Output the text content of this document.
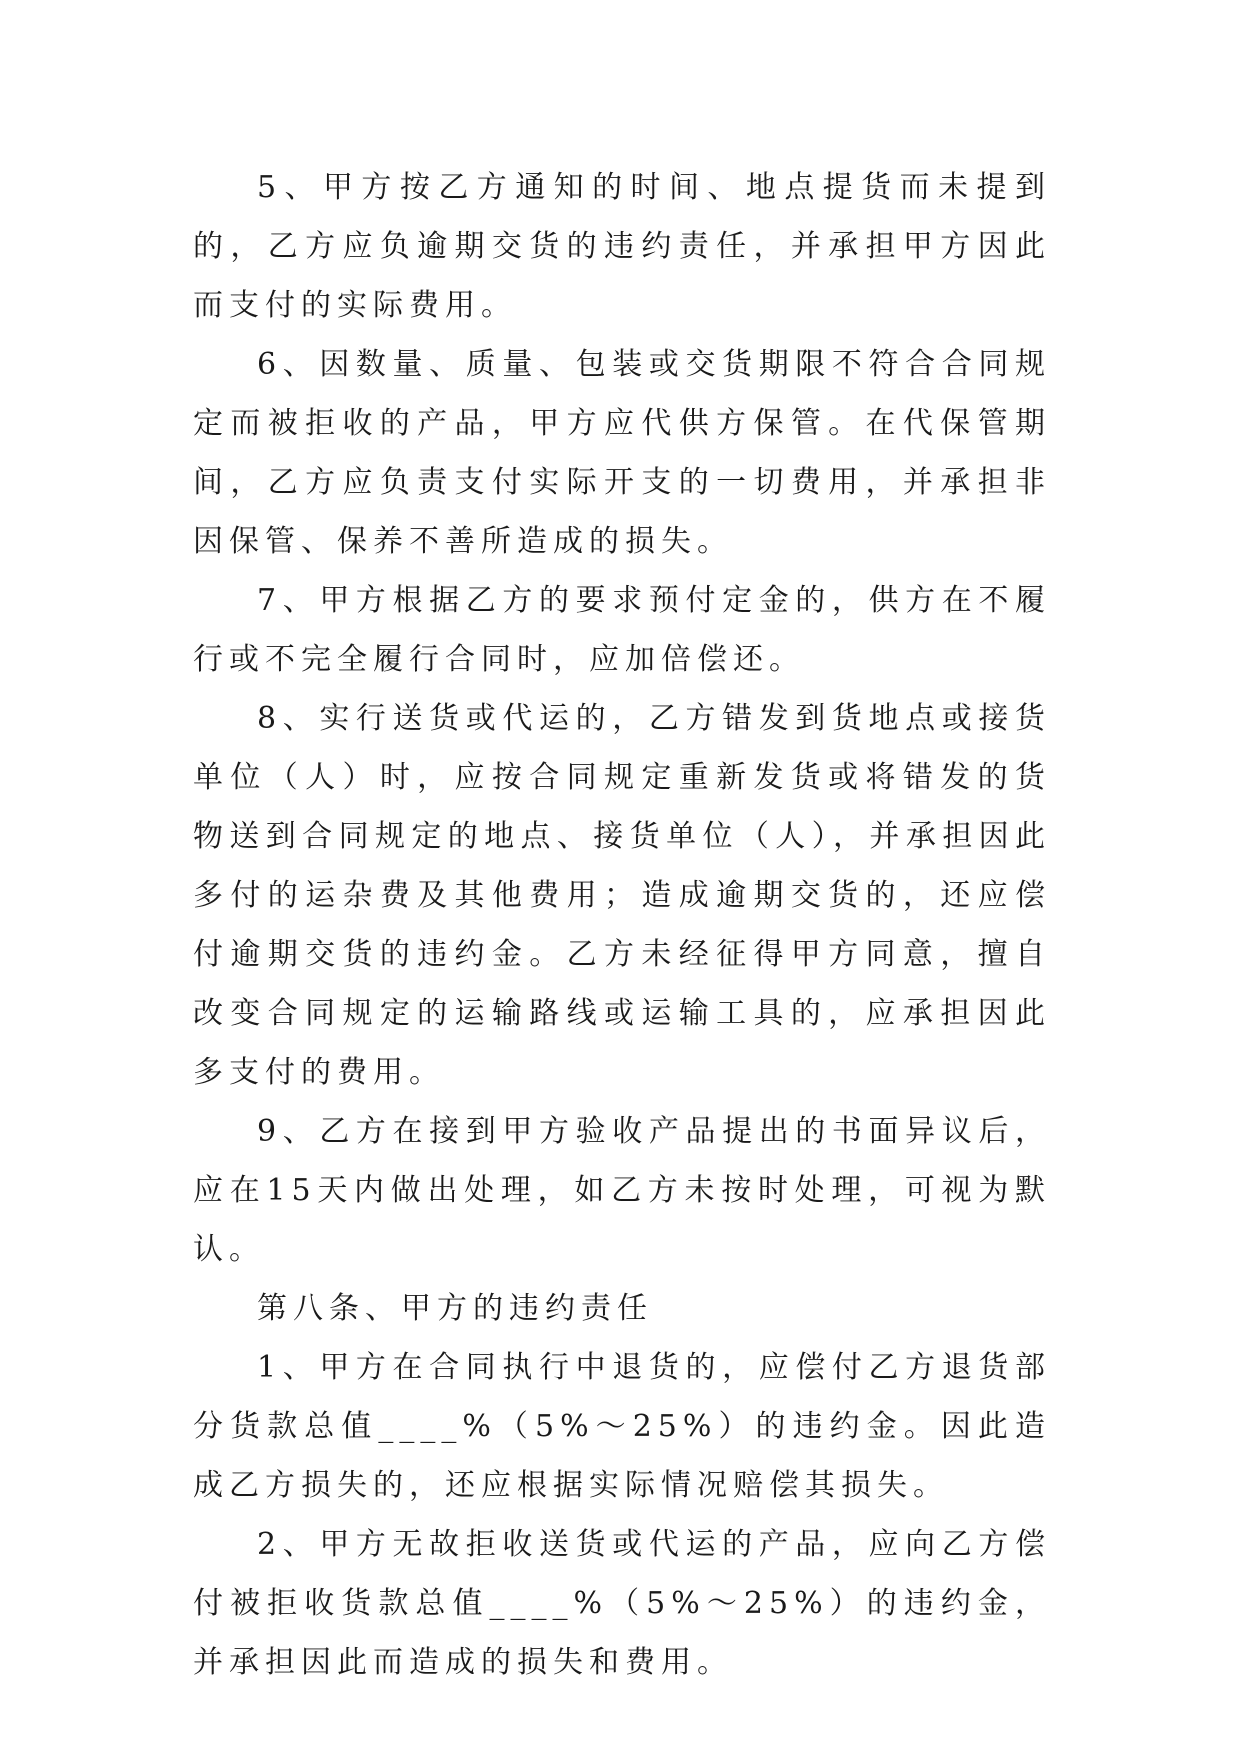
5、甲方按乙方通知的时间、地点提货而未提到的，乙方应负逾期交货的违约责任，并承担甲方因此而支付的实际费用。

6、因数量、质量、包装或交货期限不符合合同规定而被拒收的产品，甲方应代供方保管。在代保管期间，乙方应负责支付实际开支的一切费用，并承担非因保管、保养不善所造成的损失。

7、甲方根据乙方的要求预付定金的，供方在不履行或不完全履行合同时，应加倍偿还。

8、实行送货或代运的，乙方错发到货地点或接货单位（人）时，应按合同规定重新发货或将错发的货物送到合同规定的地点、接货单位（人），并承担因此多付的运杂费及其他费用；造成逾期交货的，还应偿付逾期交货的违约金。乙方未经征得甲方同意，擅自改变合同规定的运输路线或运输工具的，应承担因此多支付的费用。

9、乙方在接到甲方验收产品提出的书面异议后，应在15天内做出处理，如乙方未按时处理，可视为默认。

第八条、甲方的违约责任

1、甲方在合同执行中退货的，应偿付乙方退货部分货款总值____%（5%～25%）的违约金。因此造成乙方损失的，还应根据实际情况赔偿其损失。

2、甲方无故拒收送货或代运的产品，应向乙方偿付被拒收货款总值____%（5%～25%）的违约金，并承担因此而造成的损失和费用。
